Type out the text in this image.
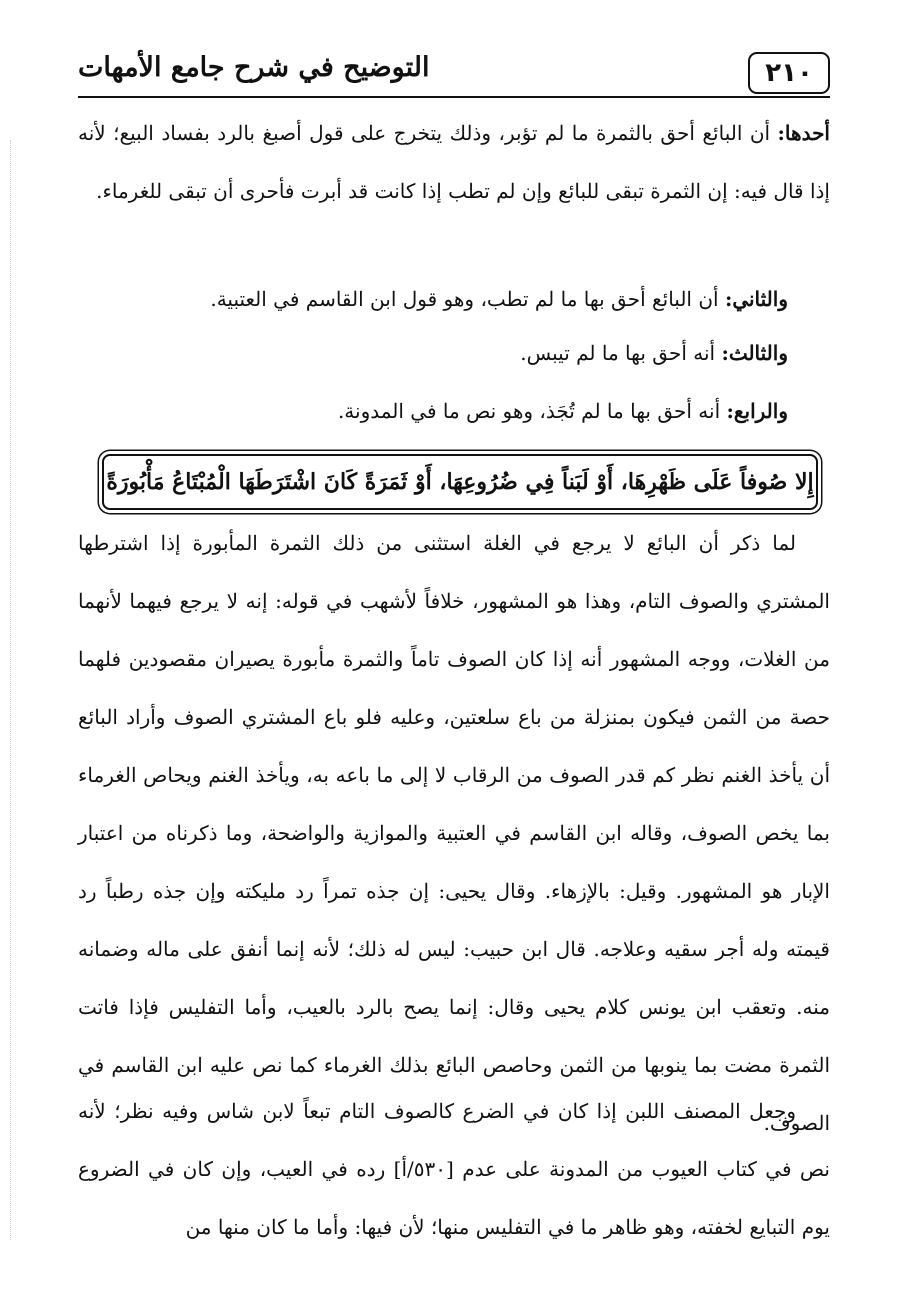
٢١٠
التوضيح في شرح جامع الأمهات

أحدها: أن البائع أحق بالثمرة ما لم تؤبر، وذلك يتخرج على قول أصبغ بالرد بفساد البيع؛ لأنه إذا قال فيه: إن الثمرة تبقى للبائع وإن لم تطب إذا كانت قد أبرت فأحرى أن تبقى للغرماء.

والثاني: أن البائع أحق بها ما لم تطب، وهو قول ابن القاسم في العتبية.

والثالث: أنه أحق بها ما لم تيبس.

والرابع: أنه أحق بها ما لم تُجَذ، وهو نص ما في المدونة.

إِلا صُوفاً عَلَى ظَهْرِهَا، أَوْ لَبَناً فِي ضُرُوعِهَا، أَوْ ثَمَرَةً كَانَ اشْتَرَطَهَا الْمُبْتَاعُ مَأْبُورَةً

لما ذكر أن البائع لا يرجع في الغلة استثنى من ذلك الثمرة المأبورة إذا اشترطها المشتري والصوف التام، وهذا هو المشهور، خلافاً لأشهب في قوله: إنه لا يرجع فيهما لأنهما من الغلات، ووجه المشهور أنه إذا كان الصوف تاماً والثمرة مأبورة يصيران مقصودين فلهما حصة من الثمن فيكون بمنزلة من باع سلعتين، وعليه فلو باع المشتري الصوف وأراد البائع أن يأخذ الغنم نظر كم قدر الصوف من الرقاب لا إلى ما باعه به، ويأخذ الغنم ويحاص الغرماء بما يخص الصوف، وقاله ابن القاسم في العتبية والموازية والواضحة، وما ذكرناه من اعتبار الإبار هو المشهور. وقيل: بالإزهاء. وقال يحيى: إن جذه تمراً رد مليكته وإن جذه رطباً رد قيمته وله أجر سقيه وعلاجه. قال ابن حبيب: ليس له ذلك؛ لأنه إنما أنفق على ماله وضمانه منه. وتعقب ابن يونس كلام يحيى وقال: إنما يصح بالرد بالعيب، وأما التفليس فإذا فاتت الثمرة مضت بما ينوبها من الثمن وحاصص البائع بذلك الغرماء كما نص عليه ابن القاسم في الصوف.

وجعل المصنف اللبن إذا كان في الضرع كالصوف التام تبعاً لابن شاس وفيه نظر؛ لأنه نص في كتاب العيوب من المدونة على عدم [٥٣٠/أ] رده في العيب، وإن كان في الضروع يوم التبايع لخفته، وهو ظاهر ما في التفليس منها؛ لأن فيها: وأما ما كان منها من
